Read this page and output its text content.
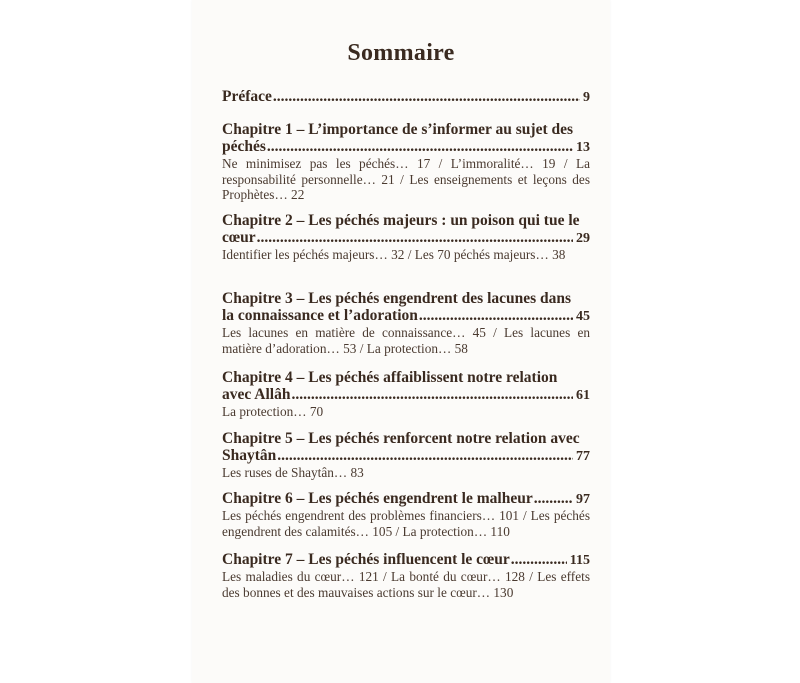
Sommaire
Préface .....	9
Chapitre 1 – L’importance de s’informer au sujet des
péchés .....	13
Ne minimisez pas les péchés… 17 / L’immoralité… 19 / La responsabilité personnelle… 21 / Les enseignements et leçons des Prophètes… 22
Chapitre 2 – Les péchés majeurs : un poison qui tue le
cœur .....	29
Identifier les péchés majeurs… 32 / Les 70 péchés majeurs… 38
Chapitre 3 – Les péchés engendrent des lacunes dans
la connaissance et l’adoration .....	45
Les lacunes en matière de connaissance… 45 / Les lacunes en matière d’adoration… 53 / La protection… 58
Chapitre 4 – Les péchés affaiblissent notre relation
avec Allâh .....	61
La protection… 70
Chapitre 5 – Les péchés renforcent notre relation avec
Shaytân .....	77
Les ruses de Shaytân… 83
Chapitre 6 – Les péchés engendrent le malheur .....	97
Les péchés engendrent des problèmes financiers… 101 / Les péchés engendrent des calamités… 105 / La protection… 110
Chapitre 7 – Les péchés influencent le cœur .....	115
Les maladies du cœur… 121 / La bonté du cœur… 128 / Les effets des bonnes et des mauvaises actions sur le cœur… 130
